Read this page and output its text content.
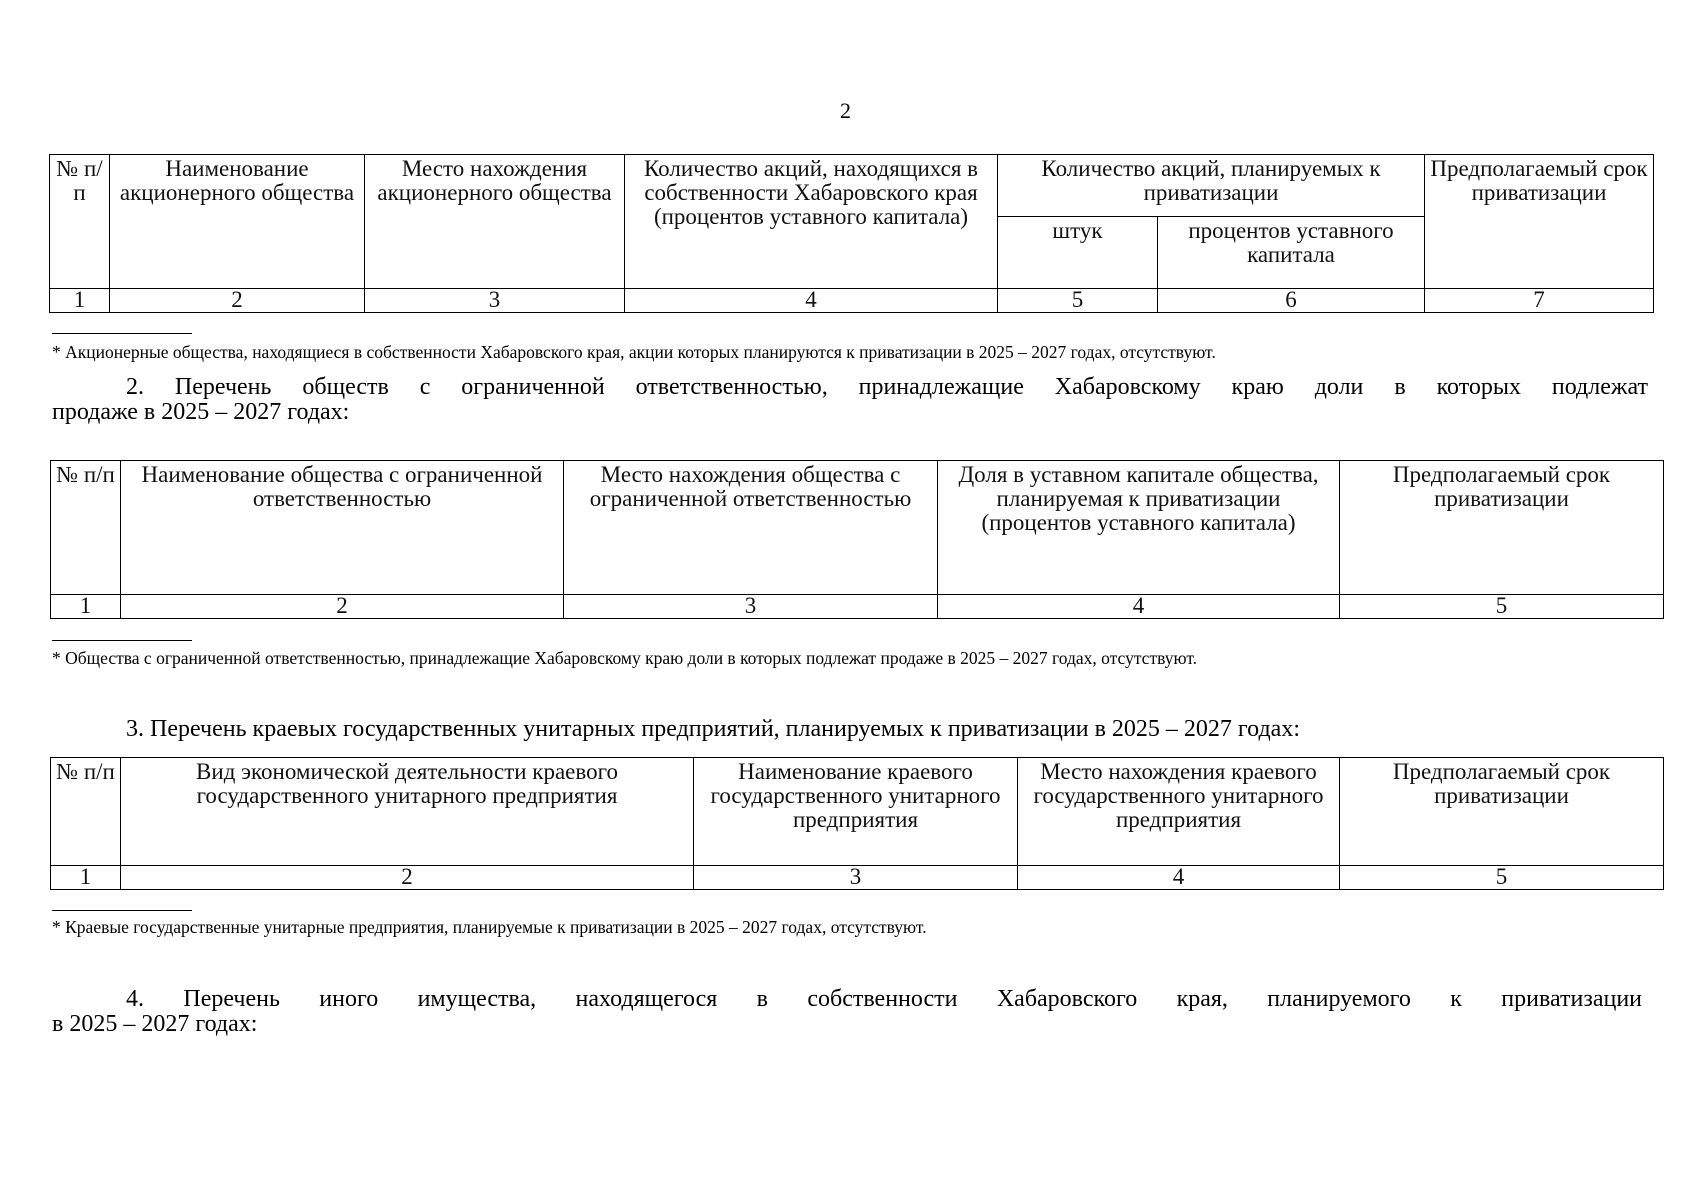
2
№ п/п	Наименование акционерного общества	Место нахождения акционерного общества	Количество акций, находящихся в собственности Хабаровского края (процентов уставного капитала)	Количество акций, планируемых к приватизации		Предполагаемый срок приватизации
				штук	процентов уставного капитала	
1	2	3	4	5	6	7
* Акционерные общества, находящиеся в собственности Хабаровского края, акции которых планируются к приватизации в 2025 – 2027 годах, отсутствуют.
2. Перечень обществ с ограниченной ответственностью, принадлежащие Хабаровскому краю доли в которых подлежат
продаже в 2025 – 2027 годах:
№ п/п	Наименование общества с ограниченной ответственностью	Место нахождения общества с ограниченной ответственностью	Доля в уставном капитале общества, планируемая к приватизации (процентов уставного капитала)	Предполагаемый срок приватизации
1	2	3	4	5
* Общества с ограниченной ответственностью, принадлежащие Хабаровскому краю доли в которых подлежат продаже в 2025 – 2027 годах, отсутствуют.
3. Перечень краевых государственных унитарных предприятий, планируемых к приватизации в 2025 – 2027 годах:
№ п/п	Вид экономической деятельности краевого государственного унитарного предприятия	Наименование краевого государственного унитарного предприятия	Место нахождения краевого государственного унитарного предприятия	Предполагаемый срок приватизации
1	2	3	4	5
* Краевые государственные унитарные предприятия, планируемые к приватизации в 2025 – 2027 годах, отсутствуют.
4. Перечень иного имущества, находящегося в собственности Хабаровского края, планируемого к приватизации
в 2025 – 2027 годах:
